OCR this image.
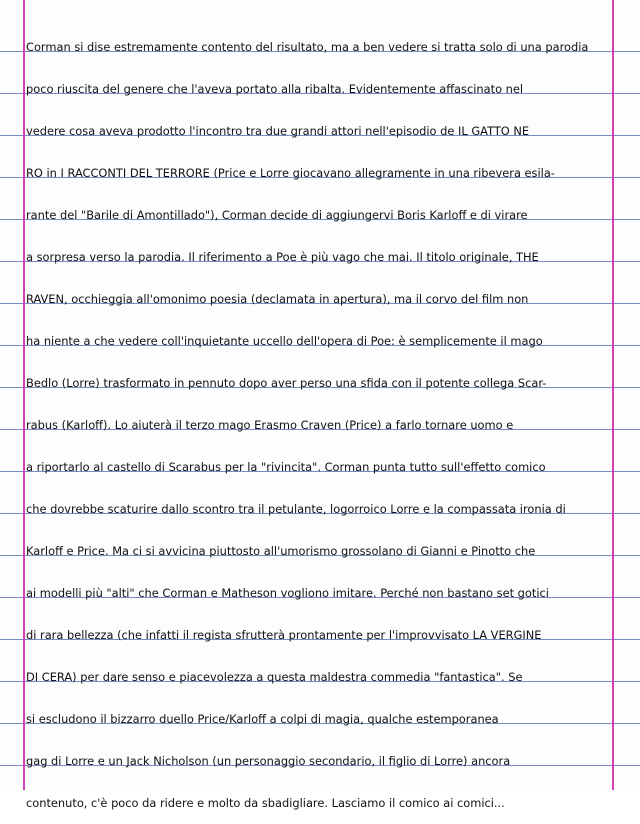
Corman si dise estremamente contento del risultato, ma a ben vedere si tratta solo di una parodia
poco riuscita del genere che l'aveva portato alla ribalta. Evidentemente affascinato nel
vedere cosa aveva prodotto l'incontro tra due grandi attori nell'episodio de IL GATTO NE
RO in I RACCONTI DEL TERRORE (Price e Lorre giocavano allegramente in una ribevera esila-
rante del "Barile di Amontillado"), Corman decide di aggiungervi Boris Karloff e di virare
a sorpresa verso la parodia. Il riferimento a Poe è più vago che mai. Il titolo originale, THE
RAVEN, occhieggia all'omonimo poesia (declamata in apertura), ma il corvo del film non
ha niente a che vedere coll'inquietante uccello dell'opera di Poe: è semplicemente il mago
Bedlo (Lorre) trasformato in pennuto dopo aver perso una sfida con il potente collega Scar-
rabus (Karloff). Lo aiuterà il terzo mago Erasmo Craven (Price) a farlo tornare uomo e
a riportarlo al castello di Scarabus per la "rivincita". Corman punta tutto sull'effetto comico
che dovrebbe scaturire dallo scontro tra il petulante, logorroico Lorre e la compassata ironia di
Karloff e Price. Ma ci si avvicina piuttosto all'umorismo grossolano di Gianni e Pinotto che
ai modelli più "alti" che Corman e Matheson vogliono imitare. Perché non bastano set gotici
di rara bellezza (che infatti il regista sfrutterà prontamente per l'improvvisato LA VERGINE
DI CERA) per dare senso e piacevolezza a questa maldestra commedia "fantastica". Se
si escludono il bizzarro duello Price/Karloff a colpi di magia, qualche estemporanea
gag di Lorre e un Jack Nicholson (un personaggio secondario, il figlio di Lorre) ancora
contenuto, c'è poco da ridere e molto da sbadigliare. Lasciamo il comico ai comici...
